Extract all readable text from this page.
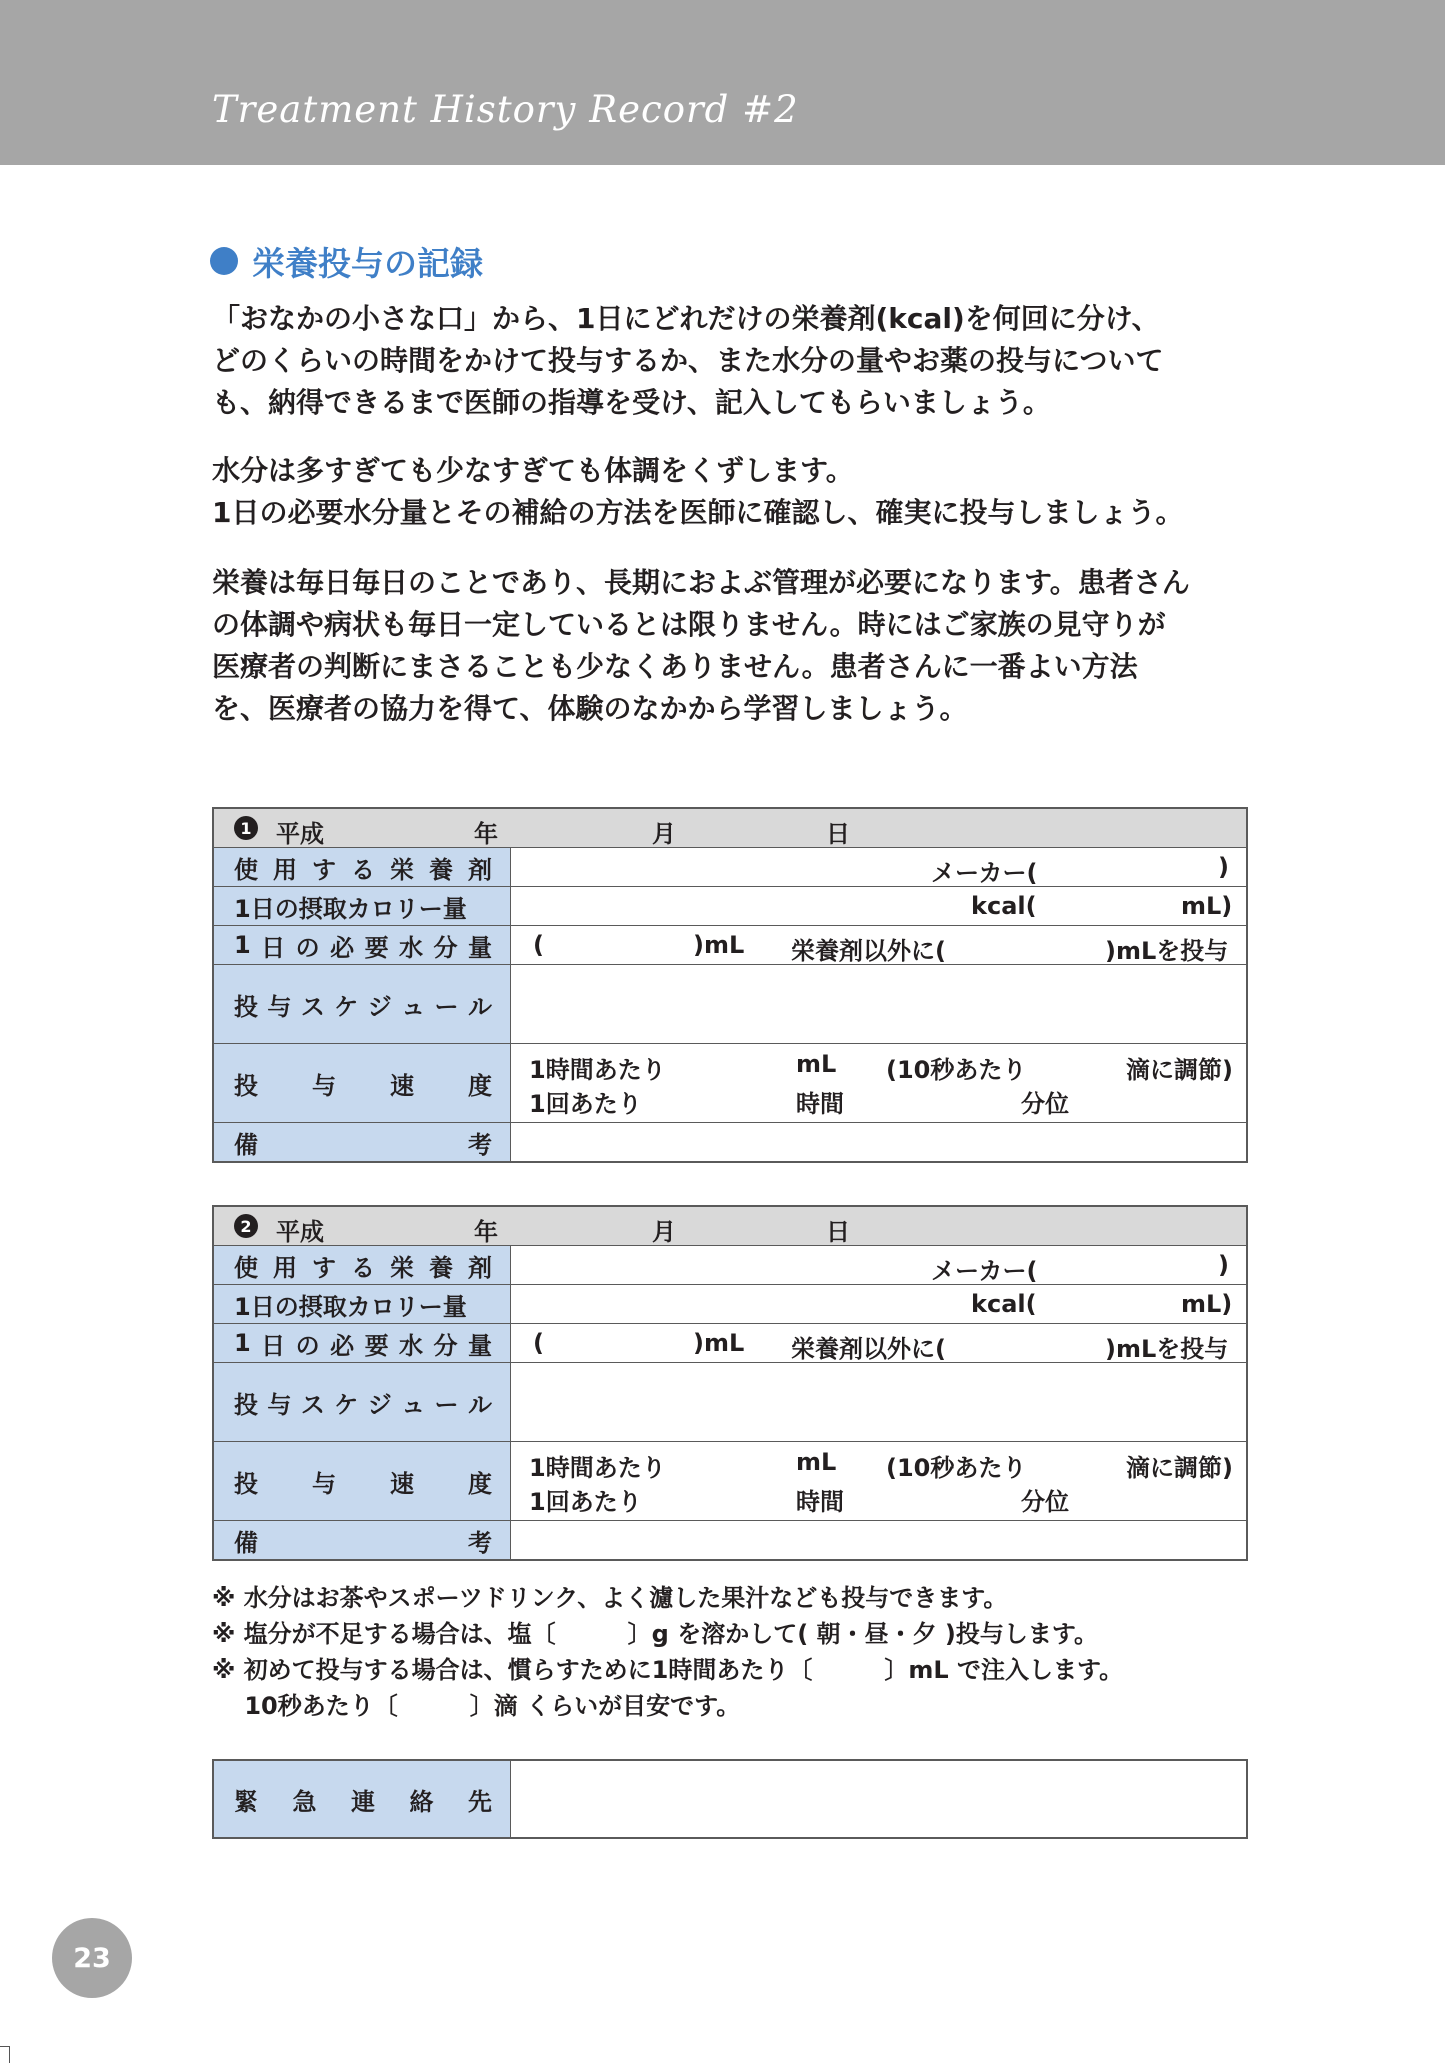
Treatment History Record #2
栄養投与の記録
「おなかの小さな口」から、1日にどれだけの栄養剤(kcal)を何回に分け、
どのくらいの時間をかけて投与するか、また水分の量やお薬の投与について
も、納得できるまで医師の指導を受け、記入してもらいましょう。
水分は多すぎても少なすぎても体調をくずします。
1日の必要水分量とその補給の方法を医師に確認し、確実に投与しましょう。
栄養は毎日毎日のことであり、長期におよぶ管理が必要になります。患者さん
の体調や病状も毎日一定しているとは限りません。時にはご家族の見守りが
医療者の判断にまさることも少なくありません。患者さんに一番よい方法
を、医療者の協力を得て、体験のなかから学習しましょう。
1 平成	年	月	日
使 用 す る 栄 養 剤	メーカー(	)
1日の摂取カロリー量	kcal(	mL)
1 日 の 必 要 水 分 量 (	)mL 栄養剤以外に(	)mLを投与
投 与 ス ケ ジ ュ ー ル
投 与 速 度
1時間あたり	mL (10秒あたり	滴に調節)
1回あたり	時間	分位
備	考
2 平成	年	月	日
使 用 す る 栄 養 剤	メーカー(	)
1日の摂取カロリー量	kcal(	mL)
1 日 の 必 要 水 分 量 (	)mL 栄養剤以外に(	)mLを投与
投 与 ス ケ ジ ュ ー ル
投 与 速 度
1時間あたり	mL (10秒あたり	滴に調節)
1回あたり	時間	分位
備	考
※ 水分はお茶やスポーツドリンク、よく濾した果汁なども投与できます。
※ 塩分が不足する場合は、塩〔　　　〕g を溶かして( 朝・昼・夕 )投与します。
※ 初めて投与する場合は、慣らすために1時間あたり〔　　　〕mL で注入します。
　 10秒あたり〔　　　〕滴 くらいが目安です。
緊 急 連 絡 先
23
